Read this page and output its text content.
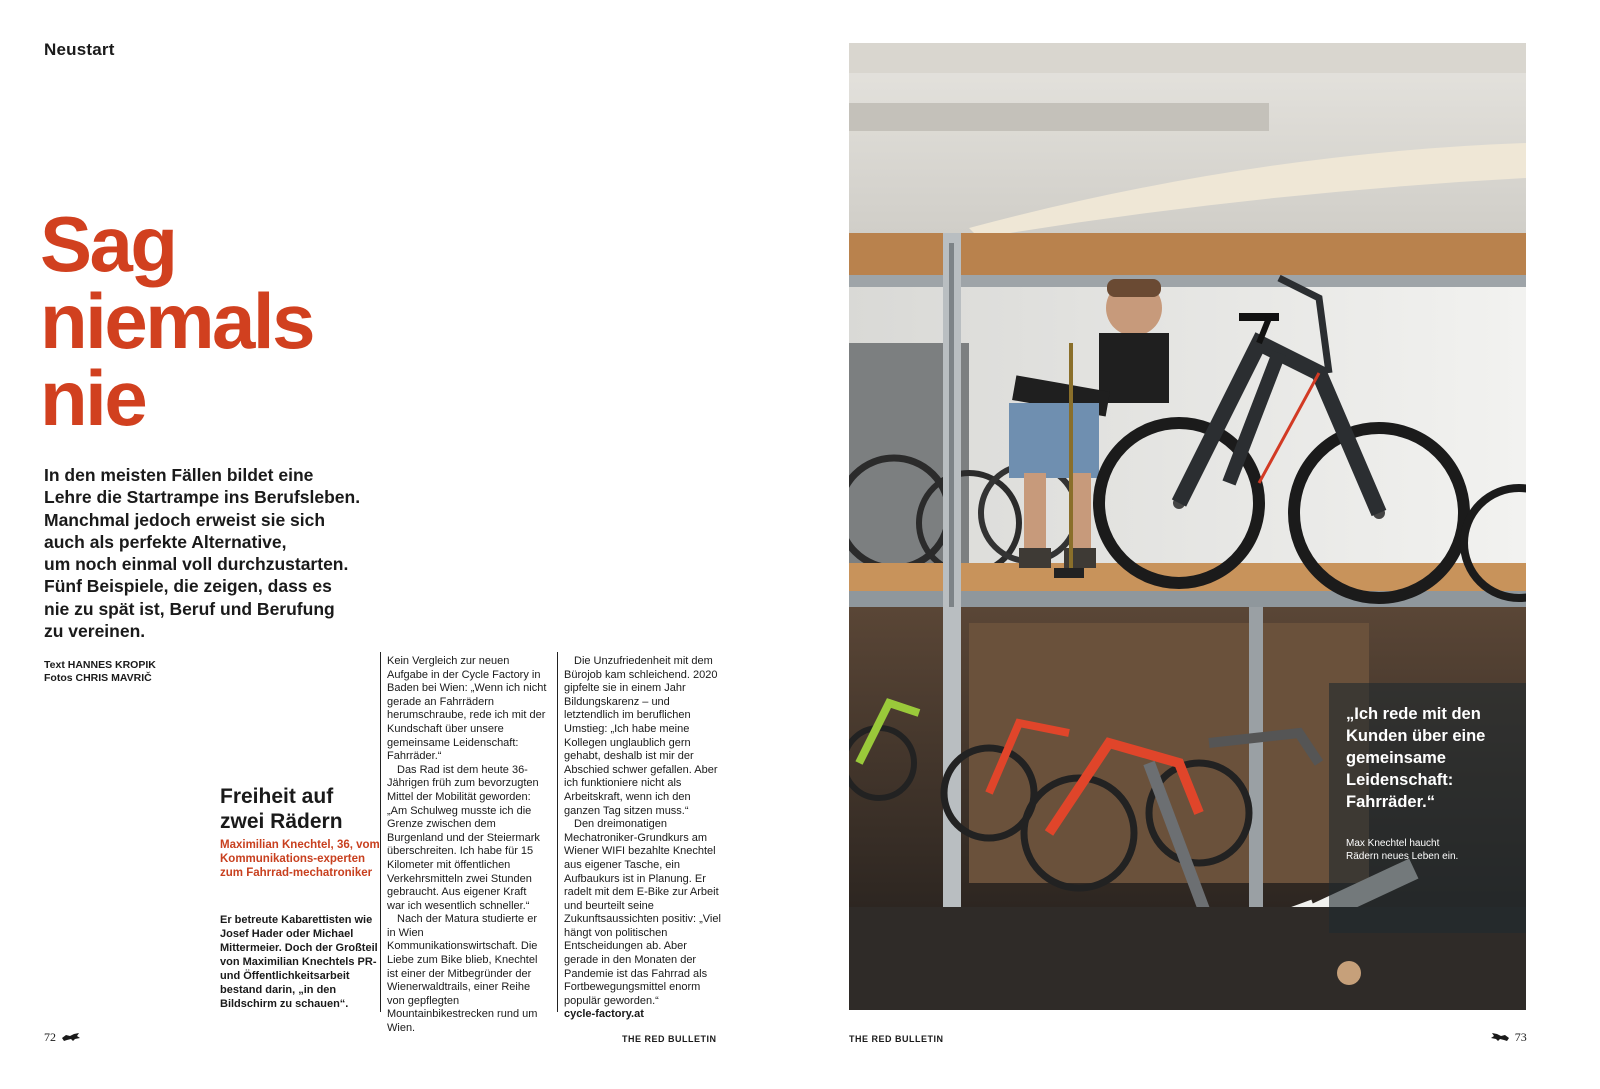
Neustart
Sag
niemals
nie
In den meisten Fällen bildet eine
Lehre die Startrampe ins Berufsleben.
Manchmal jedoch erweist sie sich
auch als perfekte Alternative,
um noch einmal voll durchzustarten.
Fünf Beispiele, die zeigen, dass es
nie zu spät ist, Beruf und Berufung
zu vereinen.
Text HANNES KROPIK
Fotos CHRIS MAVRIČ
Freiheit auf
zwei Rädern
Maximilian Knechtel, 36, vom Kommunikations-experten zum Fahrrad-mechatroniker
Er betreute Kabarettisten wie Josef Hader oder Michael Mittermeier. Doch der Großteil von Maximilian Knechtels PR- und Öffentlichkeitsarbeit bestand darin, „in den Bildschirm zu schauen“.

Kein Vergleich zur neuen Aufgabe in der Cycle Factory in Baden bei Wien: „Wenn ich nicht gerade an Fahrrädern herumschraube, rede ich mit der Kundschaft über unsere gemeinsame Leidenschaft: Fahrräder.“

Das Rad ist dem heute 36-Jährigen früh zum bevorzugten Mittel der Mobilität geworden: „Am Schulweg musste ich die Grenze zwischen dem Burgenland und der Steiermark überschreiten. Ich habe für 15 Kilometer mit öffentlichen Verkehrsmitteln zwei Stunden gebraucht. Aus eigener Kraft war ich wesentlich schneller.“

Nach der Matura studierte er in Wien Kommunikationswirtschaft. Die Liebe zum Bike blieb, Knechtel ist einer der Mitbegründer der Wienerwaldtrails, einer Reihe von gepflegten Mountainbikestrecken rund um Wien.

Die Unzufriedenheit mit dem Bürojob kam schleichend. 2020 gipfelte sie in einem Jahr Bildungskarenz – und letztendlich im beruflichen Umstieg: „Ich habe meine Kollegen unglaublich gern gehabt, deshalb ist mir der Abschied schwer gefallen. Aber ich funktioniere nicht als Arbeitskraft, wenn ich den ganzen Tag sitzen muss.“

Den dreimonatigen Mechatroniker-Grundkurs am Wiener WIFI bezahlte Knechtel aus eigener Tasche, ein Aufbaukurs ist in Planung. Er radelt mit dem E-Bike zur Arbeit und beurteilt seine Zukunftsaussichten positiv: „Viel hängt von politischen Entscheidungen ab. Aber gerade in den Monaten der Pandemie ist das Fahrrad als Fortbewegungsmittel enorm populär geworden.“

cycle-factory.at

72	THE RED BULLETIN	THE RED BULLETIN	73
„Ich rede mit den Kunden über eine gemeinsame Leidenschaft: Fahrräder.“
Max Knechtel haucht Rädern neues Leben ein.
